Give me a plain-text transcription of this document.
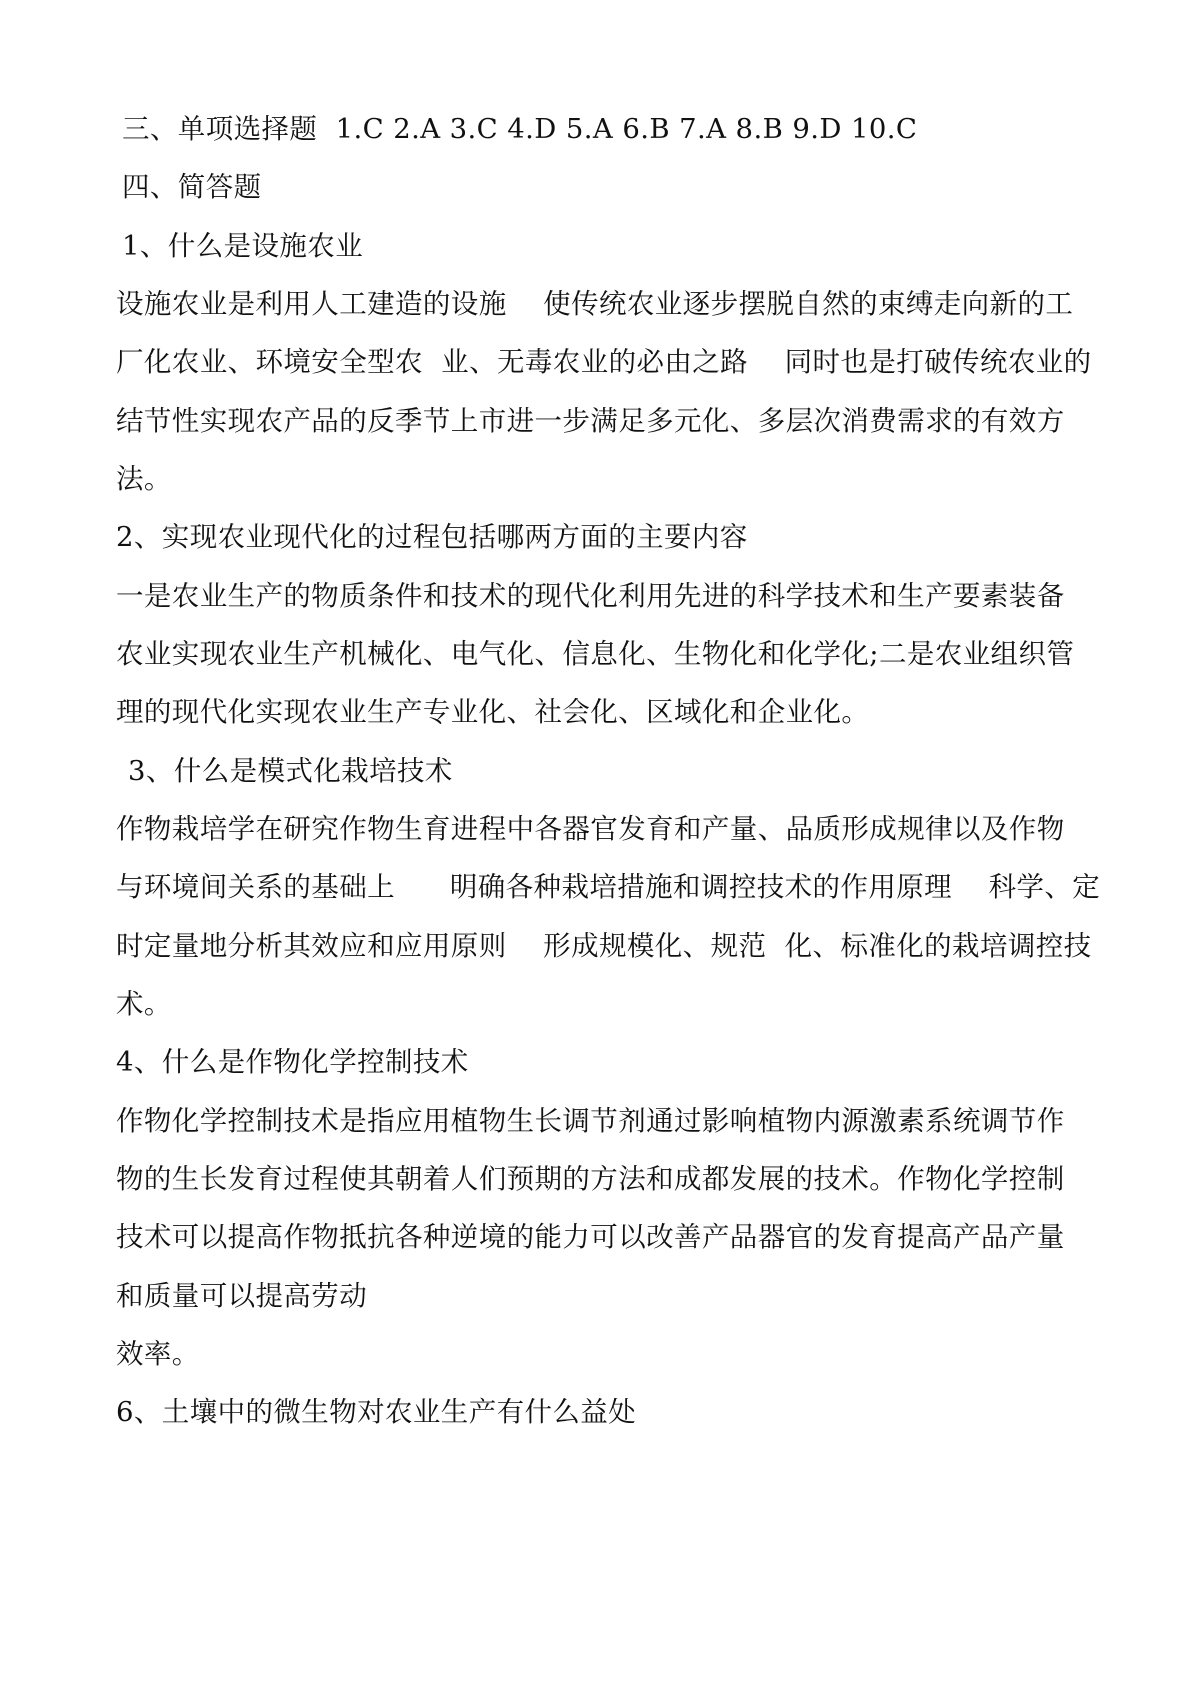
三、单项选择题  1.C 2.A 3.C 4.D 5.A 6.B 7.A 8.B 9.D 10.C
四、简答题
1、什么是设施农业
设施农业是利用人工建造的设施    使传统农业逐步摆脱自然的束缚走向新的工
厂化农业、环境安全型农  业、无毒农业的必由之路    同时也是打破传统农业的
结节性实现农产品的反季节上市进一步满足多元化、多层次消费需求的有效方
法。
2、实现农业现代化的过程包括哪两方面的主要内容
一是农业生产的物质条件和技术的现代化利用先进的科学技术和生产要素装备
农业实现农业生产机械化、电气化、信息化、生物化和化学化;二是农业组织管
理的现代化实现农业生产专业化、社会化、区域化和企业化。
3、什么是模式化栽培技术
作物栽培学在研究作物生育进程中各器官发育和产量、品质形成规律以及作物
与环境间关系的基础上      明确各种栽培措施和调控技术的作用原理    科学、定
时定量地分析其效应和应用原则    形成规模化、规范  化、标准化的栽培调控技
术。
4、什么是作物化学控制技术
作物化学控制技术是指应用植物生长调节剂通过影响植物内源激素系统调节作
物的生长发育过程使其朝着人们预期的方法和成都发展的技术。作物化学控制
技术可以提高作物抵抗各种逆境的能力可以改善产品器官的发育提高产品产量
和质量可以提高劳动
效率。
6、土壤中的微生物对农业生产有什么益处
